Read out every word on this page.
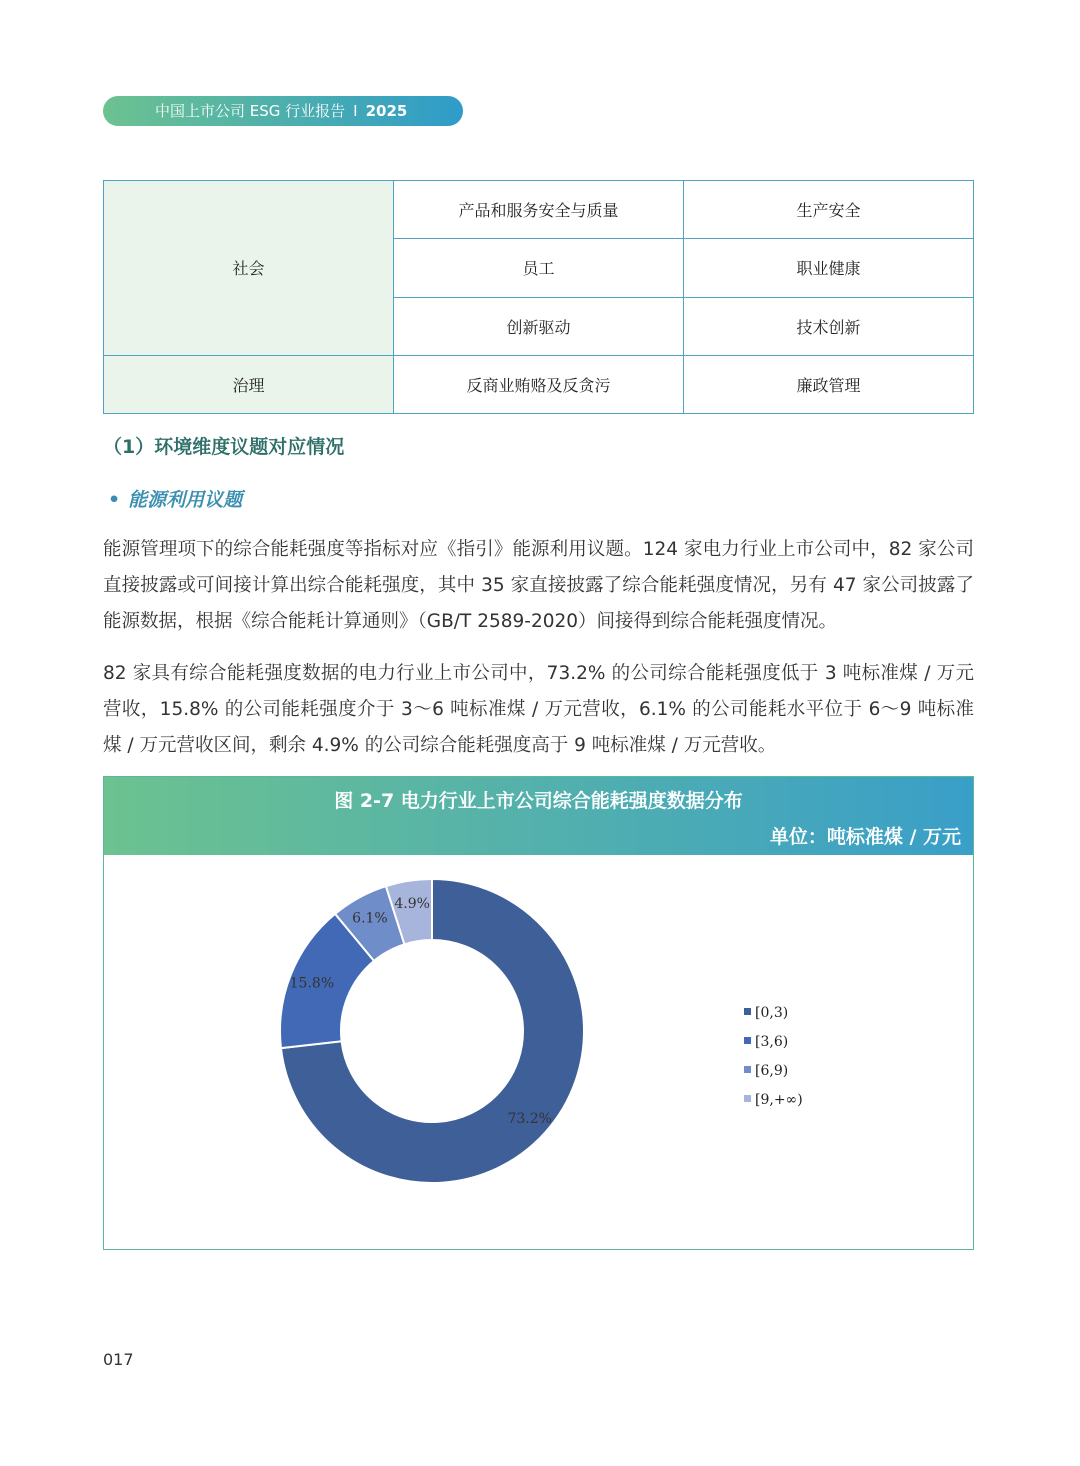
中国上市公司 ESG 行业报告 I 2025
社会	产品和服务安全与质量	生产安全
	员工	职业健康
	创新驱动	技术创新
治理	反商业贿赂及反贪污	廉政管理
（1）环境维度议题对应情况
• 能源利用议题

能源管理项下的综合能耗强度等指标对应《指引》能源利用议题。124 家电力行业上市公司中，82 家公司直接披露或可间接计算出综合能耗强度，其中 35 家直接披露了综合能耗强度情况，另有 47 家公司披露了能源数据，根据《综合能耗计算通则》（GB/T 2589-2020）间接得到综合能耗强度情况。

82 家具有综合能耗强度数据的电力行业上市公司中，73.2% 的公司综合能耗强度低于 3 吨标准煤 / 万元营收，15.8% 的公司能耗强度介于 3～6 吨标准煤 / 万元营收，6.1% 的公司能耗水平位于 6～9 吨标准煤 / 万元营收区间，剩余 4.9% 的公司综合能耗强度高于 9 吨标准煤 / 万元营收。

图 2-7 电力行业上市公司综合能耗强度数据分布
单位：吨标准煤 / 万元
73.2%
15.8%
6.1%
4.9%
[0,3)
[3,6)
[6,9)
[9,+∞)
017
